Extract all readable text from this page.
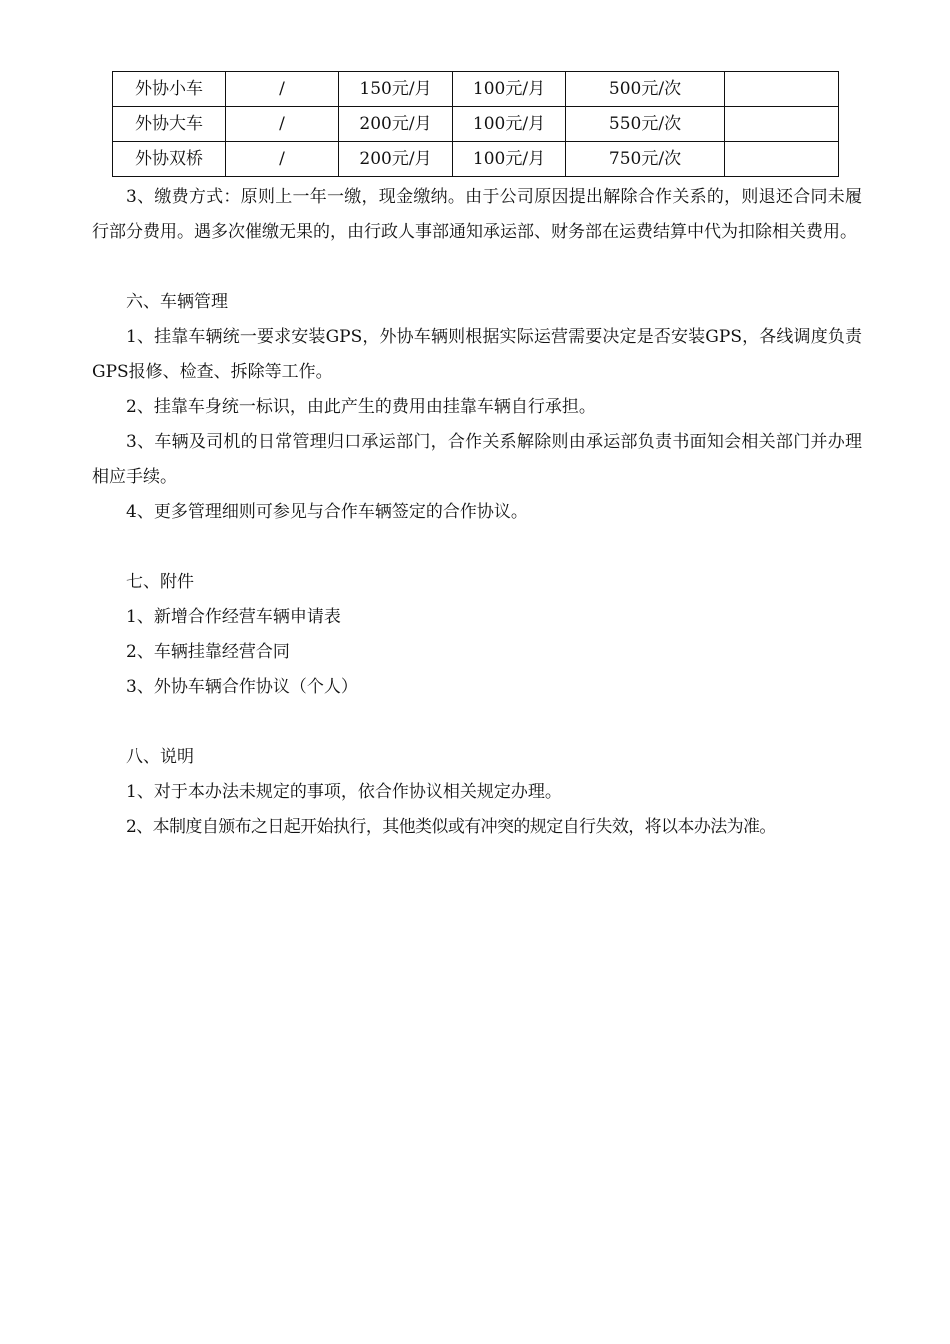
外协小车	/	150元/月	100元/月	500元/次	
外协大车	/	200元/月	100元/月	550元/次	
外协双桥	/	200元/月	100元/月	750元/次	

3、缴费方式：原则上一年一缴，现金缴纳。由于公司原因提出解除合作关系的，则退还合同未履行部分费用。遇多次催缴无果的，由行政人事部通知承运部、财务部在运费结算中代为扣除相关费用。

六、车辆管理

1、挂靠车辆统一要求安装GPS，外协车辆则根据实际运营需要决定是否安装GPS，各线调度负责GPS报修、检查、拆除等工作。

2、挂靠车身统一标识，由此产生的费用由挂靠车辆自行承担。

3、车辆及司机的日常管理归口承运部门，合作关系解除则由承运部负责书面知会相关部门并办理相应手续。

4、更多管理细则可参见与合作车辆签定的合作协议。

七、附件

1、新增合作经营车辆申请表

2、车辆挂靠经营合同

3、外协车辆合作协议（个人）

八、说明

1、对于本办法未规定的事项，依合作协议相关规定办理。

2、本制度自颁布之日起开始执行，其他类似或有冲突的规定自行失效，将以本办法为准。
